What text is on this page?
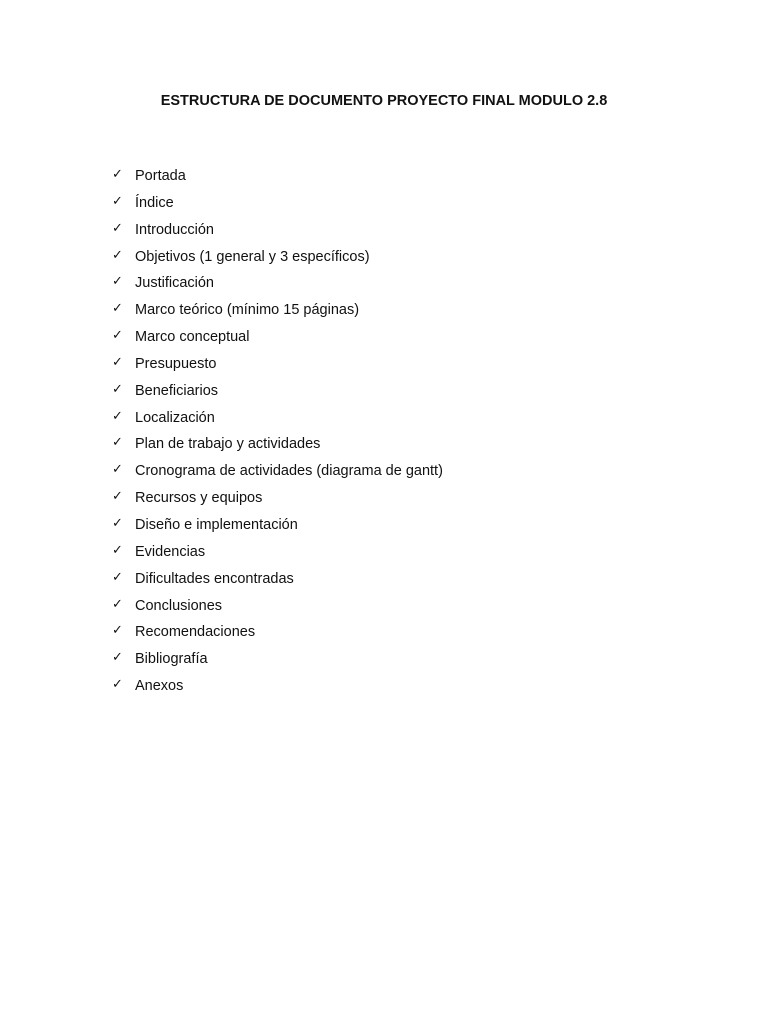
ESTRUCTURA DE DOCUMENTO PROYECTO FINAL MODULO 2.8
✓ Portada
✓ Índice
✓ Introducción
✓ Objetivos (1 general y 3 específicos)
✓ Justificación
✓ Marco teórico (mínimo 15 páginas)
✓ Marco conceptual
✓ Presupuesto
✓ Beneficiarios
✓ Localización
✓ Plan de trabajo y actividades
✓ Cronograma de actividades (diagrama de gantt)
✓ Recursos y equipos
✓ Diseño e implementación
✓ Evidencias
✓ Dificultades encontradas
✓ Conclusiones
✓ Recomendaciones
✓ Bibliografía
✓ Anexos
